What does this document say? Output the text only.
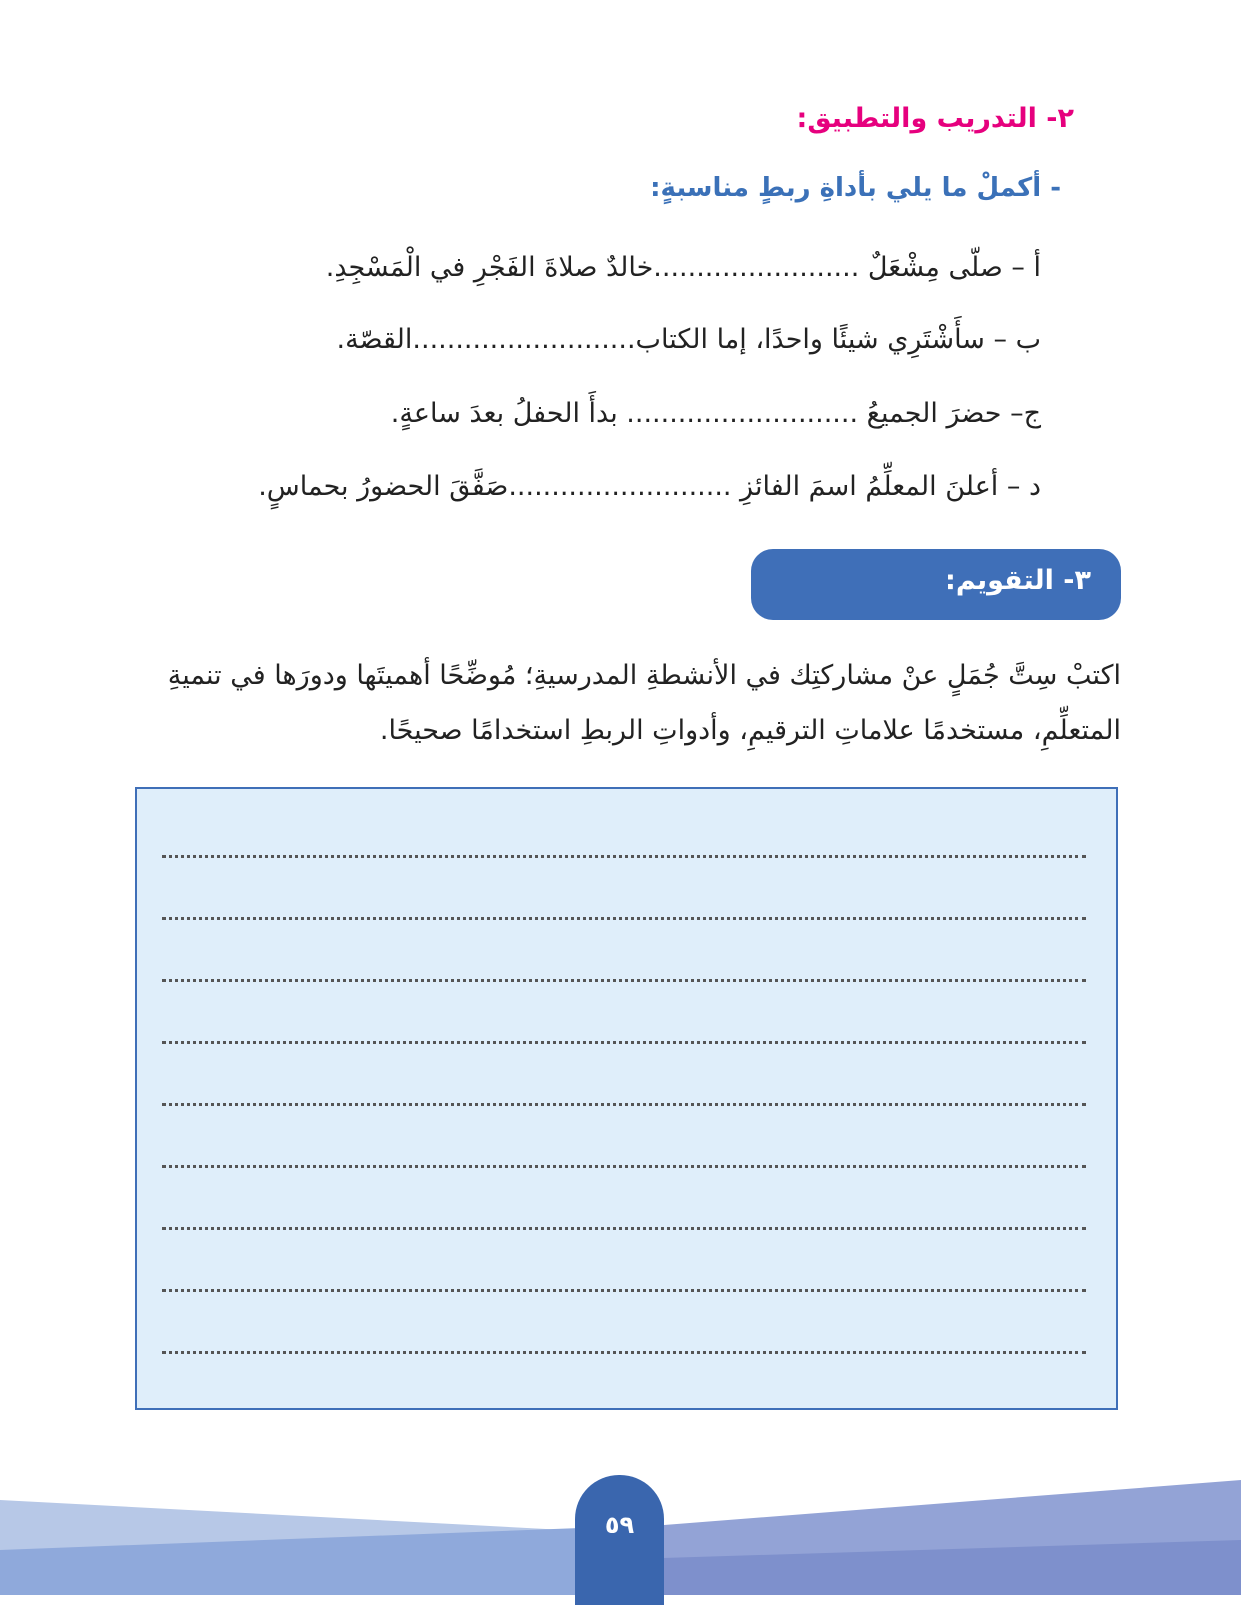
٢- التدريب والتطبيق:
- أكملْ ما يلي بأداةِ ربطٍ مناسبةٍ:
أ – صلّى مِشْعَلٌ ........................خالدٌ صلاةَ الفَجْرِ في الْمَسْجِدِ.
ب – سأَشْتَرِي شيئًا واحدًا، إما الكتاب..........................القصّة.
ج– حضرَ الجميعُ ........................... بدأَ الحفلُ بعدَ ساعةٍ.
د – أعلنَ المعلِّمُ اسمَ الفائزِ ..........................صَفَّقَ الحضورُ بحماسٍ.
٣- التقويم:
اكتبْ سِتَّ جُمَلٍ عنْ مشاركتِك في الأنشطةِ المدرسيةِ؛ مُوضِّحًا أهميتَها ودورَها في تنميةِ المتعلِّمِ، مستخدمًا علاماتِ الترقيمِ، وأدواتِ الربطِ استخدامًا صحيحًا.
٥٩
